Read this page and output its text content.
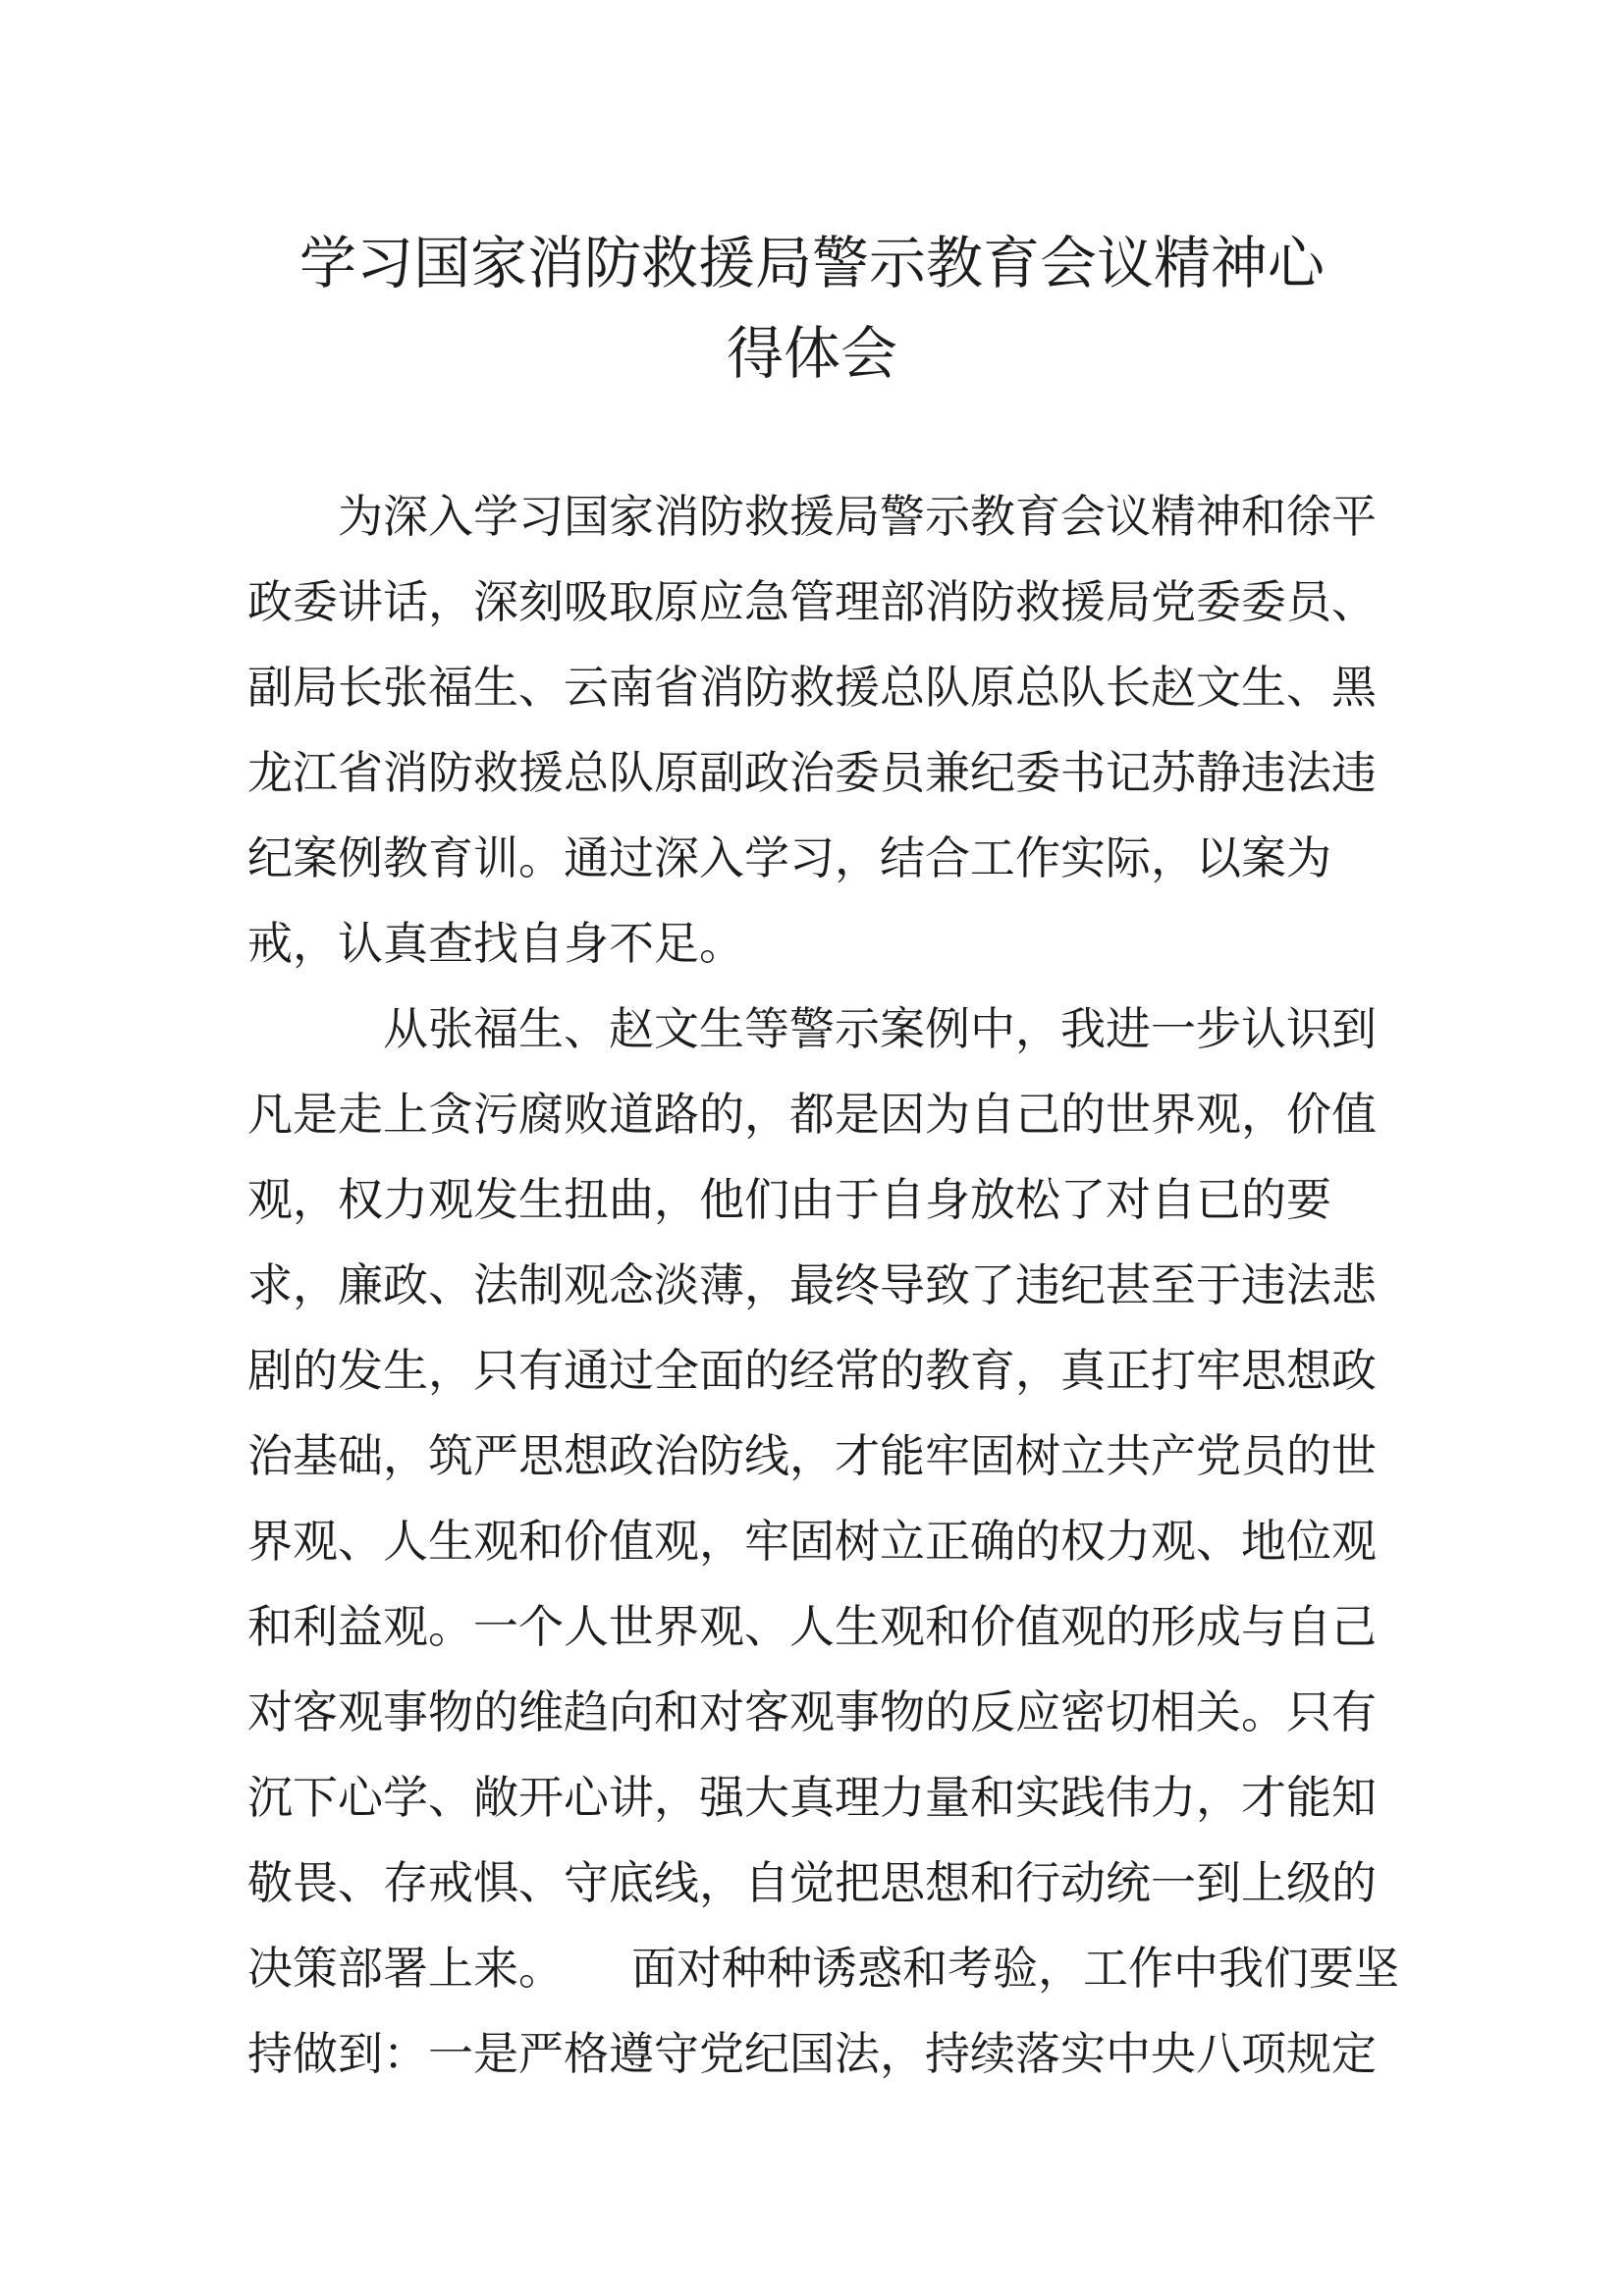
学习国家消防救援局警示教育会议精神心
得体会

　　为深入学习国家消防救援局警示教育会议精神和徐平

政委讲话，深刻吸取原应急管理部消防救援局党委委员、

副局长张福生、云南省消防救援总队原总队长赵文生、黑

龙江省消防救援总队原副政治委员兼纪委书记苏静违法违

纪案例教育训。通过深入学习，结合工作实际，以案为

戒，认真查找自身不足。

　　　从张福生、赵文生等警示案例中，我进一步认识到

凡是走上贪污腐败道路的，都是因为自己的世界观，价值

观，权力观发生扭曲，他们由于自身放松了对自已的要

求，廉政、法制观念淡薄，最终导致了违纪甚至于违法悲

剧的发生，只有通过全面的经常的教育，真正打牢思想政

治基础，筑严思想政治防线，才能牢固树立共产党员的世

界观、人生观和价值观，牢固树立正确的权力观、地位观

和利益观。一个人世界观、人生观和价值观的形成与自己

对客观事物的维趋向和对客观事物的反应密切相关。只有

沉下心学、敞开心讲，强大真理力量和实践伟力，才能知

敬畏、存戒惧、守底线，自觉把思想和行动统一到上级的

决策部署上来。　　面对种种诱惑和考验，工作中我们要坚

持做到：一是严格遵守党纪国法，持续落实中央八项规定
